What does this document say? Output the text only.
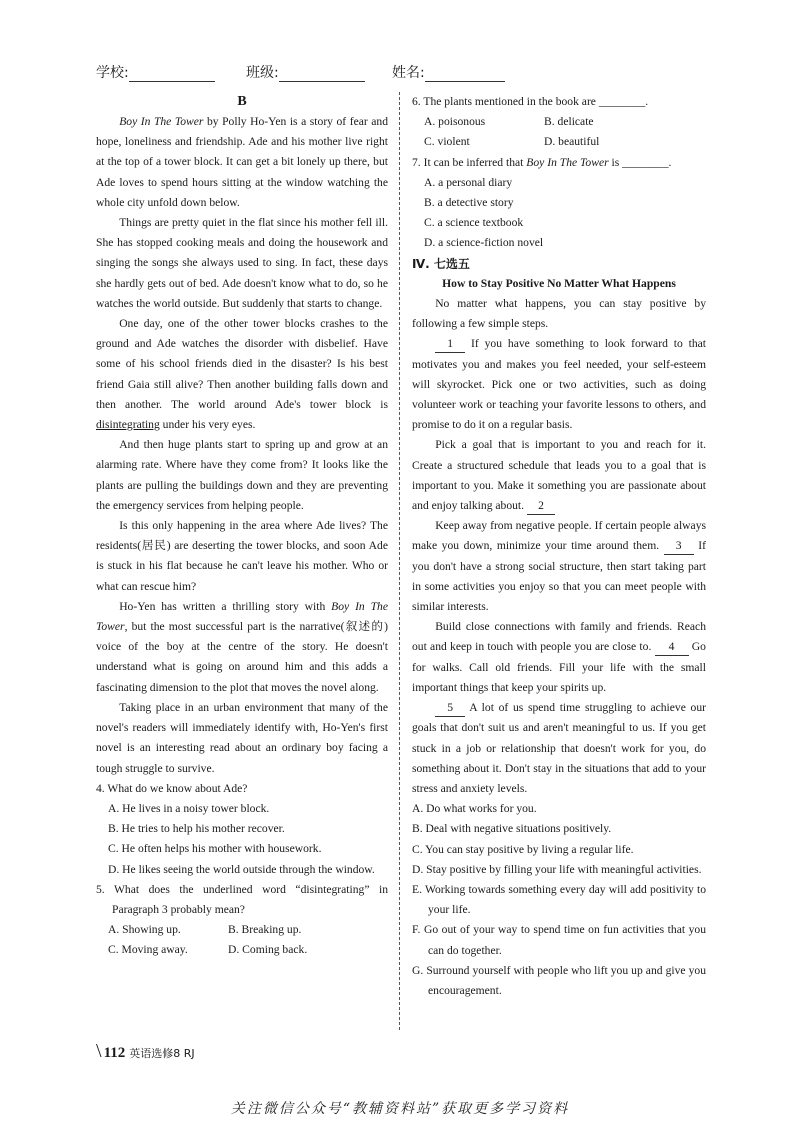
学校:	班级:	姓名:

B

Boy In The Tower by Polly Ho-Yen is a story of fear and hope, loneliness and friendship. Ade and his mother live right at the top of a tower block. It can get a bit lonely up there, but Ade loves to spend hours sitting at the window watching the whole city unfold down below.

Things are pretty quiet in the flat since his mother fell ill. She has stopped cooking meals and doing the housework and singing the songs she always used to sing. In fact, these days she hardly gets out of bed. Ade doesn't know what to do, so he watches the world outside. But suddenly that starts to change.

One day, one of the other tower blocks crashes to the ground and Ade watches the disorder with disbelief. Have some of his school friends died in the disaster? Is his best friend Gaia still alive? Then another building falls down and then another. The world around Ade's tower block is disintegrating under his very eyes.

And then huge plants start to spring up and grow at an alarming rate. Where have they come from? It looks like the plants are pulling the buildings down and they are preventing the emergency services from helping people.

Is this only happening in the area where Ade lives? The residents(居民) are deserting the tower blocks, and soon Ade is stuck in his flat because he can't leave his mother. Who or what can rescue him?

Ho-Yen has written a thrilling story with Boy In The Tower, but the most successful part is the narrative(叙述的) voice of the boy at the centre of the story. He doesn't understand what is going on around him and this adds a fascinating dimension to the plot that moves the novel along.

Taking place in an urban environment that many of the novel's readers will immediately identify with, Ho-Yen's first novel is an interesting read about an ordinary boy facing a tough struggle to survive.

4. What do we know about Ade?

A. He lives in a noisy tower block.

B. He tries to help his mother recover.

C. He often helps his mother with housework.

D. He likes seeing the world outside through the window.

5. What does the underlined word “disintegrating” in Paragraph 3 probably mean?

A. Showing up.	B. Breaking up.
C. Moving away.	D. Coming back.

6. The plants mentioned in the book are ________.

A. poisonous	B. delicate
C. violent	D. beautiful

7. It can be inferred that Boy In The Tower is ________.

A. a personal diary

B. a detective story

C. a science textbook

D. a science-fiction novel

Ⅳ. 七选五

How to Stay Positive No Matter What Happens

No matter what happens, you can stay positive by following a few simple steps.

1 If you have something to look forward to that motivates you and makes you feel needed, your self-esteem will skyrocket. Pick one or two activities, such as doing volunteer work or teaching your favorite lessons to others, and promise to do it on a regular basis.

Pick a goal that is important to you and reach for it. Create a structured schedule that leads you to a goal that is important to you. Make it something you are passionate about and enjoy talking about. 2

Keep away from negative people. If certain people always make you down, minimize your time around them. 3 If you don't have a strong social structure, then start taking part in some activities you enjoy so that you can meet people with similar interests.

Build close connections with family and friends. Reach out and keep in touch with people you are close to. 4 Go for walks. Call old friends. Fill your life with the small important things that keep your spirits up.

5 A lot of us spend time struggling to achieve our goals that don't suit us and aren't meaningful to us. If you get stuck in a job or relationship that doesn't work for you, do something about it. Don't stay in the situations that add to your stress and anxiety levels.

A. Do what works for you.

B. Deal with negative situations positively.

C. You can stay positive by living a regular life.

D. Stay positive by filling your life with meaningful activities.

E. Working towards something every day will add positivity to your life.

F. Go out of your way to spend time on fun activities that you can do together.

G. Surround yourself with people who lift you up and give you encouragement.

\ 112 英语选修8 RJ
关注微信公众号“教辅资料站”获取更多学习资料
